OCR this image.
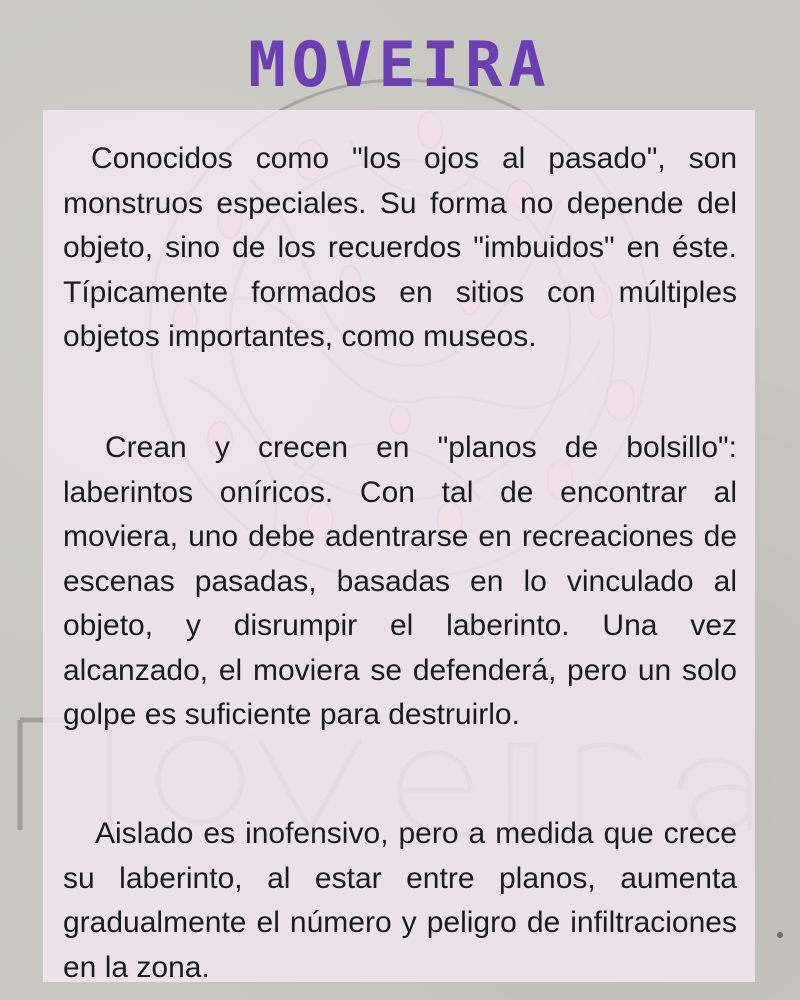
MOVEIRA
Conocidos como "los ojos al pasado", son monstruos especiales. Su forma no depende del objeto, sino de los recuerdos "imbuidos" en éste. Típicamente formados en sitios con múltiples objetos importantes, como museos.
Crean y crecen en "planos de bolsillo": laberintos oníricos. Con tal de encontrar al moviera, uno debe adentrarse en recreaciones de escenas pasadas, basadas en lo vinculado al objeto, y disrumpir el laberinto. Una vez alcanzado, el moviera se defenderá, pero un solo golpe es suficiente para destruirlo.
Aislado es inofensivo, pero a medida que crece su laberinto, al estar entre planos, aumenta gradualmente el número y peligro de infiltraciones en la zona.
